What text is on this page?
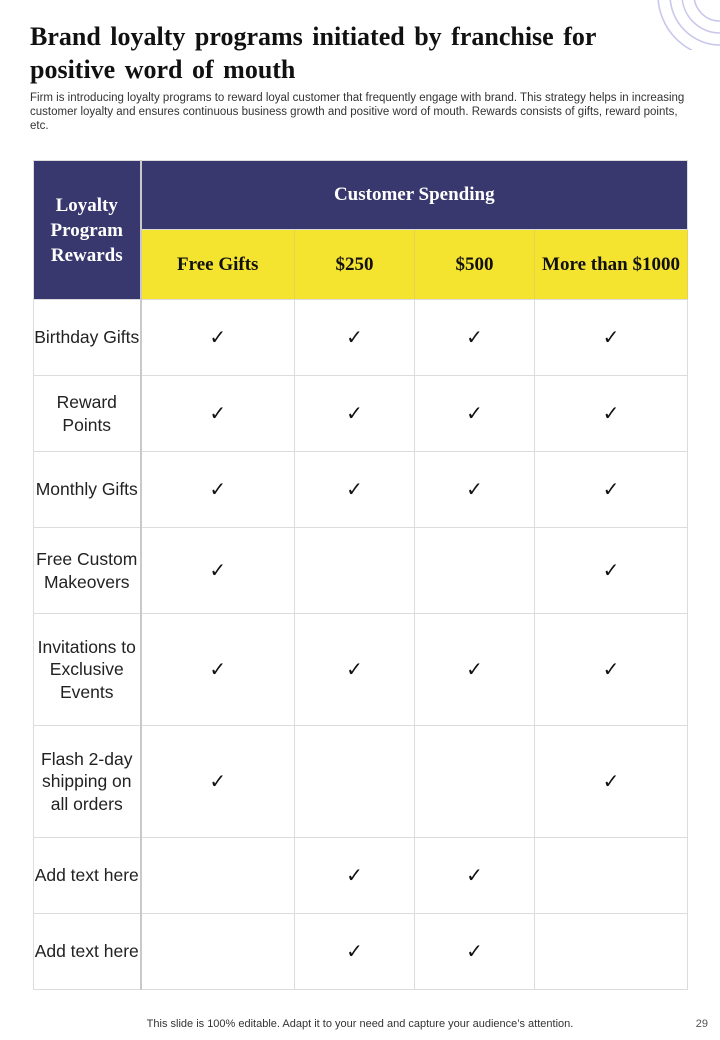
Brand loyalty programs initiated by franchise for positive word of mouth
Firm is introducing loyalty programs to reward loyal customer that frequently engage with brand. This strategy helps in increasing customer loyalty and ensures continuous business growth and positive word of mouth. Rewards consists of gifts, reward points, etc.
Loyalty Program Rewards	Customer Spending			
	Free Gifts	$250	$500	More than $1000
Birthday Gifts	✓	✓	✓	✓
Reward Points	✓	✓	✓	✓
Monthly Gifts	✓	✓	✓	✓
Free Custom Makeovers	✓			✓
Invitations to Exclusive Events	✓	✓	✓	✓
Flash 2-day shipping on all orders	✓			✓
Add text here		✓	✓	
Add text here		✓	✓	
This slide is 100% editable. Adapt it to your need and capture your audience’s attention.	29
